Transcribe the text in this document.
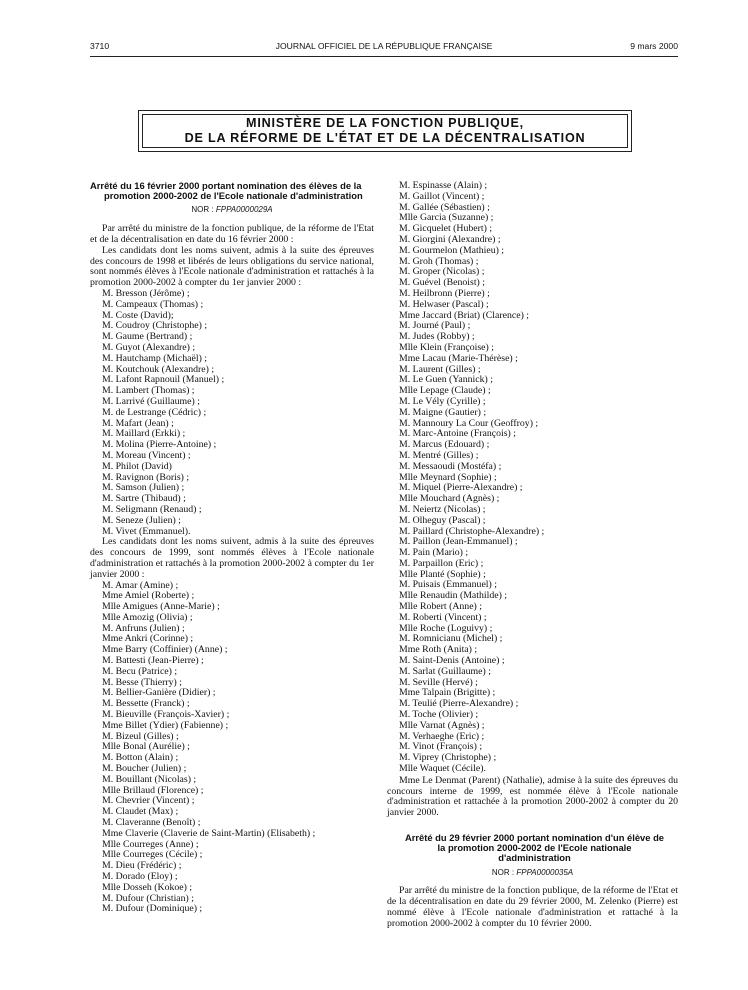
3710	JOURNAL OFFICIEL DE LA RÉPUBLIQUE FRANÇAISE	9 mars 2000
MINISTÈRE DE LA FONCTION PUBLIQUE,
DE LA RÉFORME DE L'ÉTAT ET DE LA DÉCENTRALISATION
Arrêté du 16 février 2000 portant nomination des élèves de la promotion 2000-2002 de l'Ecole nationale d'administration
NOR : FPPA0000029A

Par arrêté du ministre de la fonction publique, de la réforme de l'Etat et de la décentralisation en date du 16 février 2000 :

Les candidats dont les noms suivent, admis à la suite des épreuves des concours de 1998 et libérés de leurs obligations du service national, sont nommés élèves à l'Ecole nationale d'administration et rattachés à la promotion 2000-2002 à compter du 1er janvier 2000 :

M. Bresson (Jérôme) ;

M. Campeaux (Thomas) ;

M. Coste (David);

M. Coudroy (Christophe) ;

M. Gaume (Bertrand) ;

M. Guyot (Alexandre) ;

M. Hautchamp (Michaël) ;

M. Koutchouk (Alexandre) ;

M. Lafont Rapnouil (Manuel) ;

M. Lambert (Thomas) ;

M. Larrivé (Guillaume) ;

M. de Lestrange (Cédric) ;

M. Mafart (Jean) ;

M. Maillard (Erkki) ;

M. Molina (Pierre-Antoine) ;

M. Moreau (Vincent) ;

M. Philot (David)

M. Ravignon (Boris) ;

M. Samson (Julien) ;

M. Sartre (Thibaud) ;

M. Seligmann (Renaud) ;

M. Seneze (Julien) ;

M. Vivet (Emmanuel).

Les candidats dont les noms suivent, admis à la suite des épreuves des concours de 1999, sont nommés élèves à l'Ecole nationale d'administration et rattachés à la promotion 2000-2002 à compter du 1er janvier 2000 :

M. Amar (Amine) ;

Mme Amiel (Roberte) ;

Mlle Amigues (Anne-Marie) ;

Mlle Amozig (Olivia) ;

M. Anfruns (Julien) ;

Mme Ankri (Corinne) ;

Mme Barry (Coffinier) (Anne) ;

M. Battesti (Jean-Pierre) ;

M. Becu (Patrice) ;

M. Besse (Thierry) ;

M. Bellier-Ganière (Didier) ;

M. Bessette (Franck) ;

M. Bieuville (François-Xavier) ;

Mme Billet (Ydier) (Fabienne) ;

M. Bizeul (Gilles) ;

Mlle Bonal (Aurélie) ;

M. Botton (Alain) ;

M. Boucher (Julien) ;

M. Bouillant (Nicolas) ;

Mlle Brillaud (Florence) ;

M. Chevrier (Vincent) ;

M. Claudet (Max) ;

M. Claveranne (Benoît) ;

Mme Claverie (Claverie de Saint-Martin) (Elisabeth) ;

Mlle Courreges (Anne) ;

Mlle Courreges (Cécile) ;

M. Dieu (Frédéric) ;

M. Dorado (Eloy) ;

Mlle Dosseh (Kokoe) ;

M. Dufour (Christian) ;

M. Dufour (Dominique) ;

M. Espinasse (Alain) ;

M. Gaillot (Vincent) ;

M. Gallée (Sébastien) ;

Mlle Garcia (Suzanne) ;

M. Gicquelet (Hubert) ;

M. Giorgini (Alexandre) ;

M. Gourmelon (Mathieu) ;

M. Groh (Thomas) ;

M. Groper (Nicolas) ;

M. Guével (Benoist) ;

M. Heilbronn (Pierre) ;

M. Helwaser (Pascal) ;

Mme Jaccard (Briat) (Clarence) ;

M. Journé (Paul) ;

M. Judes (Robby) ;

Mlle Klein (Françoise) ;

Mme Lacau (Marie-Thérèse) ;

M. Laurent (Gilles) ;

M. Le Guen (Yannick) ;

Mlle Lepage (Claude) ;

M. Le Vély (Cyrille) ;

M. Maigne (Gautier) ;

M. Mannoury La Cour (Geoffroy) ;

M. Marc-Antoine (François) ;

M. Marcus (Edouard) ;

M. Mentré (Gilles) ;

M. Messaoudi (Mostéfa) ;

Mlle Meynard (Sophie) ;

M. Miquel (Pierre-Alexandre) ;

Mlle Mouchard (Agnès) ;

M. Neiertz (Nicolas) ;

M. Olheguy (Pascal) ;

M. Paillard (Christophe-Alexandre) ;

M. Paillon (Jean-Emmanuel) ;

M. Pain (Mario) ;

M. Parpaillon (Eric) ;

Mlle Planté (Sophie) ;

M. Puisais (Emmanuel) ;

Mlle Renaudin (Mathilde) ;

Mlle Robert (Anne) ;

M. Roberti (Vincent) ;

Mlle Roche (Loguivy) ;

M. Romnicianu (Michel) ;

Mme Roth (Anita) ;

M. Saint-Denis (Antoine) ;

M. Sarlat (Guillaume) ;

M. Seville (Hervé) ;

Mme Talpain (Brigitte) ;

M. Teulié (Pierre-Alexandre) ;

M. Toche (Olivier) ;

Mlle Varnat (Agnès) ;

M. Verhaeghe (Eric) ;

M. Vinot (François) ;

M. Viprey (Christophe) ;

Mlle Waquet (Cécile).

Mme Le Denmat (Parent) (Nathalie), admise à la suite des épreuves du concours interne de 1999, est nommée élève à l'Ecole nationale d'administration et rattachée à la promotion 2000-2002 à compter du 20 janvier 2000.

Arrêté du 29 février 2000 portant nomination d'un élève de la promotion 2000-2002 de l'Ecole nationale d'administration
NOR : FPPA0000035A

Par arrêté du ministre de la fonction publique, de la réforme de l'Etat et de la décentralisation en date du 29 février 2000, M. Zelenko (Pierre) est nommé élève à l'Ecole nationale d'administration et rattaché à la promotion 2000-2002 à compter du 10 février 2000.
